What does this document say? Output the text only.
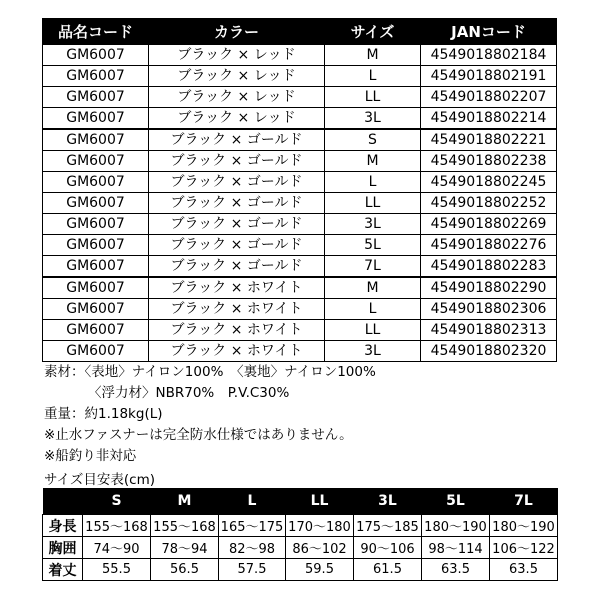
品名コード	カラー	サイズ	JANコード
GM6007	ブラック × レッド	M	4549018802184
GM6007	ブラック × レッド	L	4549018802191
GM6007	ブラック × レッド	LL	4549018802207
GM6007	ブラック × レッド	3L	4549018802214
GM6007	ブラック × ゴールド	S	4549018802221
GM6007	ブラック × ゴールド	M	4549018802238
GM6007	ブラック × ゴールド	L	4549018802245
GM6007	ブラック × ゴールド	LL	4549018802252
GM6007	ブラック × ゴールド	3L	4549018802269
GM6007	ブラック × ゴールド	5L	4549018802276
GM6007	ブラック × ゴールド	7L	4549018802283
GM6007	ブラック × ホワイト	M	4549018802290
GM6007	ブラック × ホワイト	L	4549018802306
GM6007	ブラック × ホワイト	LL	4549018802313
GM6007	ブラック × ホワイト	3L	4549018802320
素材：〈表地〉ナイロン100%　〈裏地〉ナイロン100%
〈浮力材〉NBR70%　P.V.C30%
重量：約1.18kg(L)
※止水ファスナーは完全防水仕様ではありません。
※船釣り非対応
サイズ目安表(cm)
	S	M	L	LL	3L	5L	7L
身長	155～168	155～168	165～175	170～180	175～185	180～190	180～190
胸囲	74～90	78～94	82～98	86～102	90～106	98～114	106～122
着丈	55.5	56.5	57.5	59.5	61.5	63.5	63.5
